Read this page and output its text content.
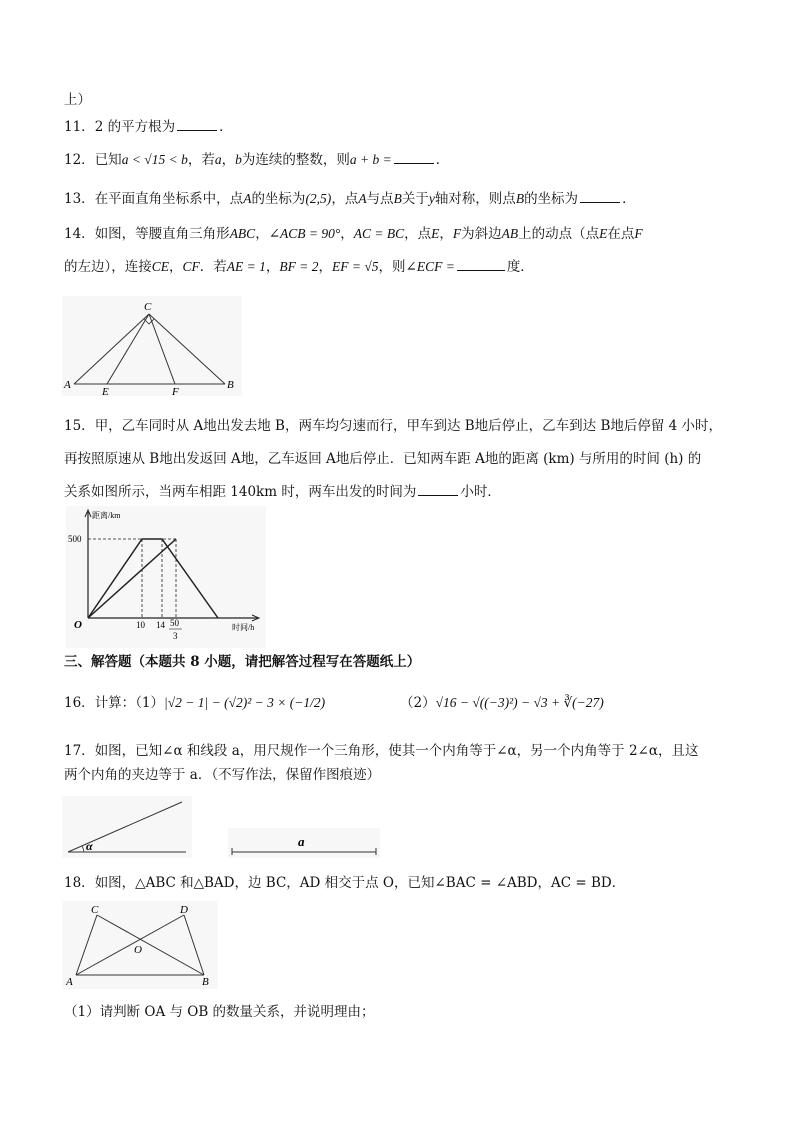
上）
11．2 的平方根为	．
12．已知a < √15 < b，若a，b为连续的整数，则a + b =	．
13．在平面直角坐标系中，点A的坐标为(2,5)，点A与点B关于y轴对称，则点B的坐标为	．
14．如图，等腰直角三角形ABC，∠ACB = 90°，AC = BC，点E，F为斜边AB上的动点（点E在点F
的左边），连接CE，CF．若AE = 1，BF = 2，EF = √5，则∠ECF =	度．
C
A
E	F
B
15．甲，乙车同时从 A地出发去地 B，两车均匀速而行，甲车到达 B地后停止，乙车到达 B地后停留 4 小时，
再按照原速从 B地出发返回 A地，乙车返回 A地后停止．已知两车距 A地的距离 (km) 与所用的时间 (h) 的
关系如图所示，当两车相距 140km 时，两车出发的时间为	小时．
距离/km
时间/h
500
10 14 50
3
O
三、解答题（本题共 8 小题，请把解答过程写在答题纸上）
16．计算：（1）|√2 − 1| − (√2)² − 3 × (−1/2)	（2）√16 − √((−3)²) − √3 + ∛(−27)
17．如图，已知∠α 和线段 a，用尺规作一个三角形，使其一个内角等于∠α，另一个内角等于 2∠α，且这
两个内角的夹边等于 a．（不写作法，保留作图痕迹）
α	a
18．如图，△ABC 和△BAD，边 BC，AD 相交于点 O，已知∠BAC = ∠ABD，AC = BD．
C	D
O
A	B
（1）请判断 OA 与 OB 的数量关系，并说明理由；
